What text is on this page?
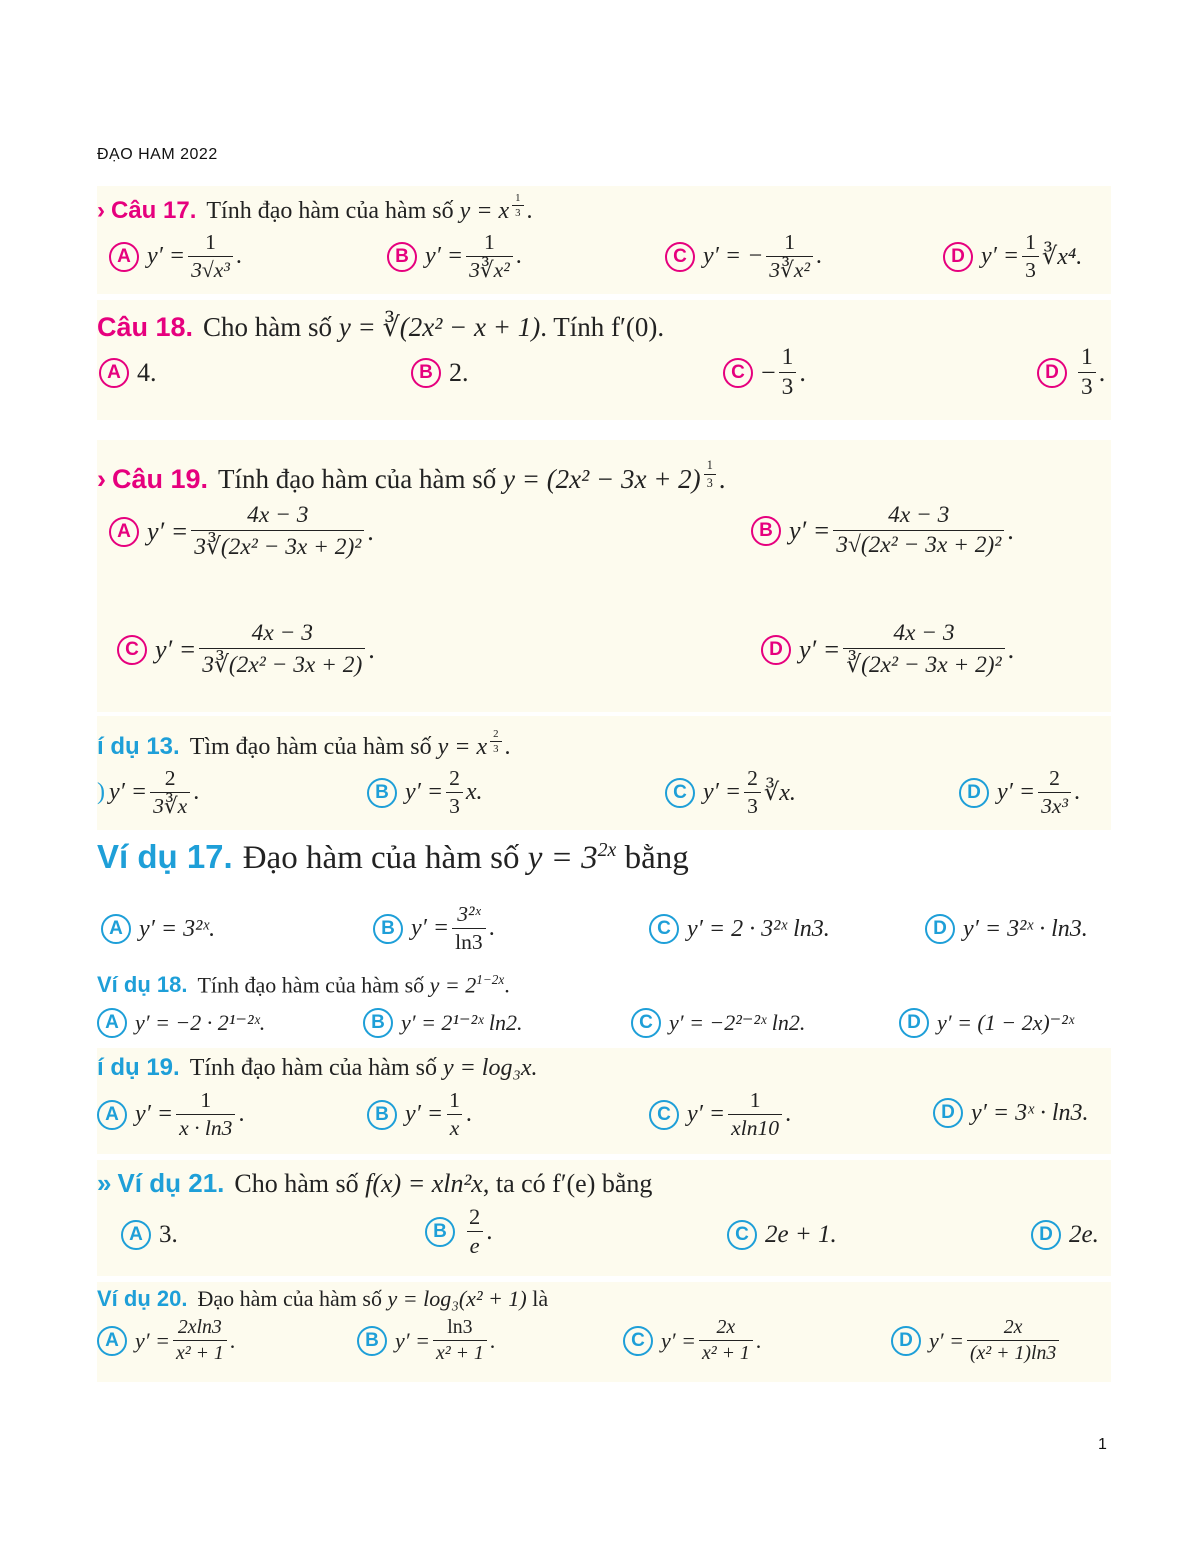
ĐẠO HAM 2022
› Câu 17. Tính đạo hàm của hàm số y = x $^{\frac{1}{3}}$ .
A $y' = \frac{1}{\text{3√x³}}$ .	B $y' = \frac{1}{\text{3∛x²}}$ .	C y′ = − $\frac{1}{\text{3∛x²}}$ .	D $y' = \frac{1}{3}$ ∛x⁴.
Câu 18. Cho hàm số y = ∛(2x² − x + 1). Tính f′(0).
A 4.	B 2.	$C - \frac{1}{3}$ .	D $\frac{1}{3}$ .
› Câu 19. Tính đạo hàm của hàm số y = (2x² − 3x + 2) $^{\frac{1}{3}}$ .
A $y' = \frac{4x - 3}{\text{3∛(2x² − 3x + 2)²}}$ .	B $y' = \frac{4x - 3}{\text{3√(2x² − 3x + 2)²}}$ .
C $y' = \frac{4x - 3}{\text{3∛(2x² − 3x + 2)}}$ .	D $y' = \frac{4x - 3}{\text{∛(2x² − 3x + 2)²}}$ .
í dụ 13. Tìm đạo hàm của hàm số y = x $^{\frac{2}{3}}$ .
) $y' = \frac{2}{3∛x}$ .	B $y' = \frac{2}{3} x$.	C $y' = \frac{2}{3}$ ∛x.	D $y' = \frac{2}{\text{3x³}}$ .
Ví dụ 17. Đạo hàm của hàm số $y = 3^{2x}$ bằng
A y′ = 3²ˣ.	B $y' = \frac{\text{3²ˣ}}{\ln 3}$ .	C y′ = 2 · 3²ˣ ln3.	D y′ = 3²ˣ · ln3.
Ví dụ 18. Tính đạo hàm của hàm số $y = 2^{1-2x}$.
A y′ = −2 · 2¹⁻²ˣ.	B y′ = 2¹⁻²ˣ ln2.	C y′ = −2²⁻²ˣ ln2.	D y′ = (1 − 2x)⁻²ˣ
í dụ 19. Tính đạo hàm của hàm số y = log₃x.
A $y' = \frac{1}{x \cdot \ln 3}$ .	B $y' = \frac{1}{x}$ .	C $y' = \frac{1}{xln10}$ .	D y′ = 3ˣ · ln3.
» Ví dụ 21. Cho hàm số f(x) = xln²x, ta có f′(e) bằng
A 3.	B $\frac{2}{e}$ .	C 2e + 1.	D 2e.
Ví dụ 20. Đạo hàm của hàm số y = log₃(x² + 1) là
A $y' = \frac{2xln3}{\text{x² + 1}}$ .	B $y' = \frac{\ln 3}{\text{x² + 1}}$ .	C $y' = \frac{2x}{\text{x² + 1}}$ .	D $y' = \frac{2x}{\text{(x² + 1)ln3}}$
1
